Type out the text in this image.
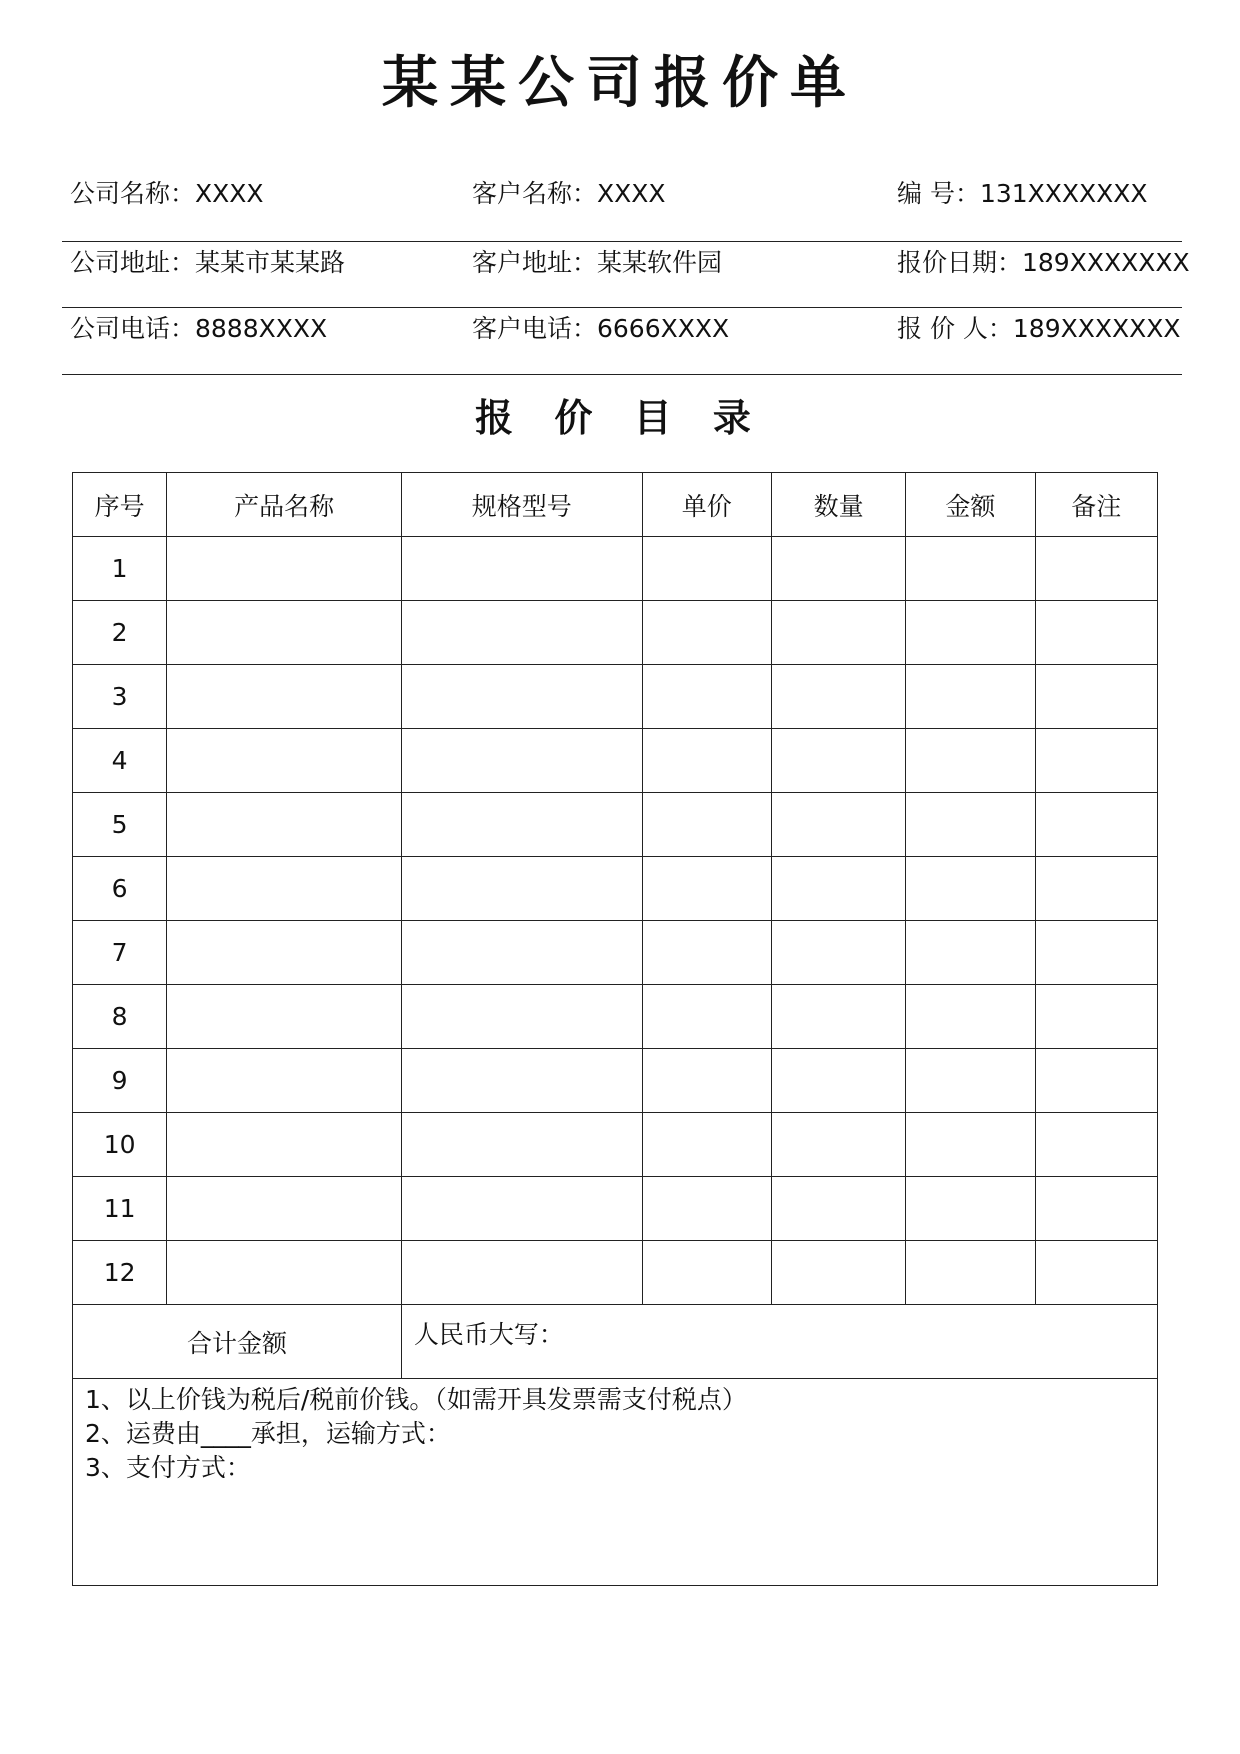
某某公司报价单
公司名称：XXXX	客户名称：XXXX	编 号：131XXXXXXX
公司地址：某某市某某路	客户地址：某某软件园	报价日期：189XXXXXXX
公司电话：8888XXXX	客户电话：6666XXXX	报 价 人：189XXXXXXX
报 价 目 录
序号	产品名称	规格型号	单价	数量	金额	备注
1						
2						
3						
4						
5						
6						
7						
8						
9						
10						
11						
12						
合计金额		人民币大写：				

1、以上价钱为税后/税前价钱。（如需开具发票需支付税点）
2、运费由____承担，运输方式：
3、支付方式：						
